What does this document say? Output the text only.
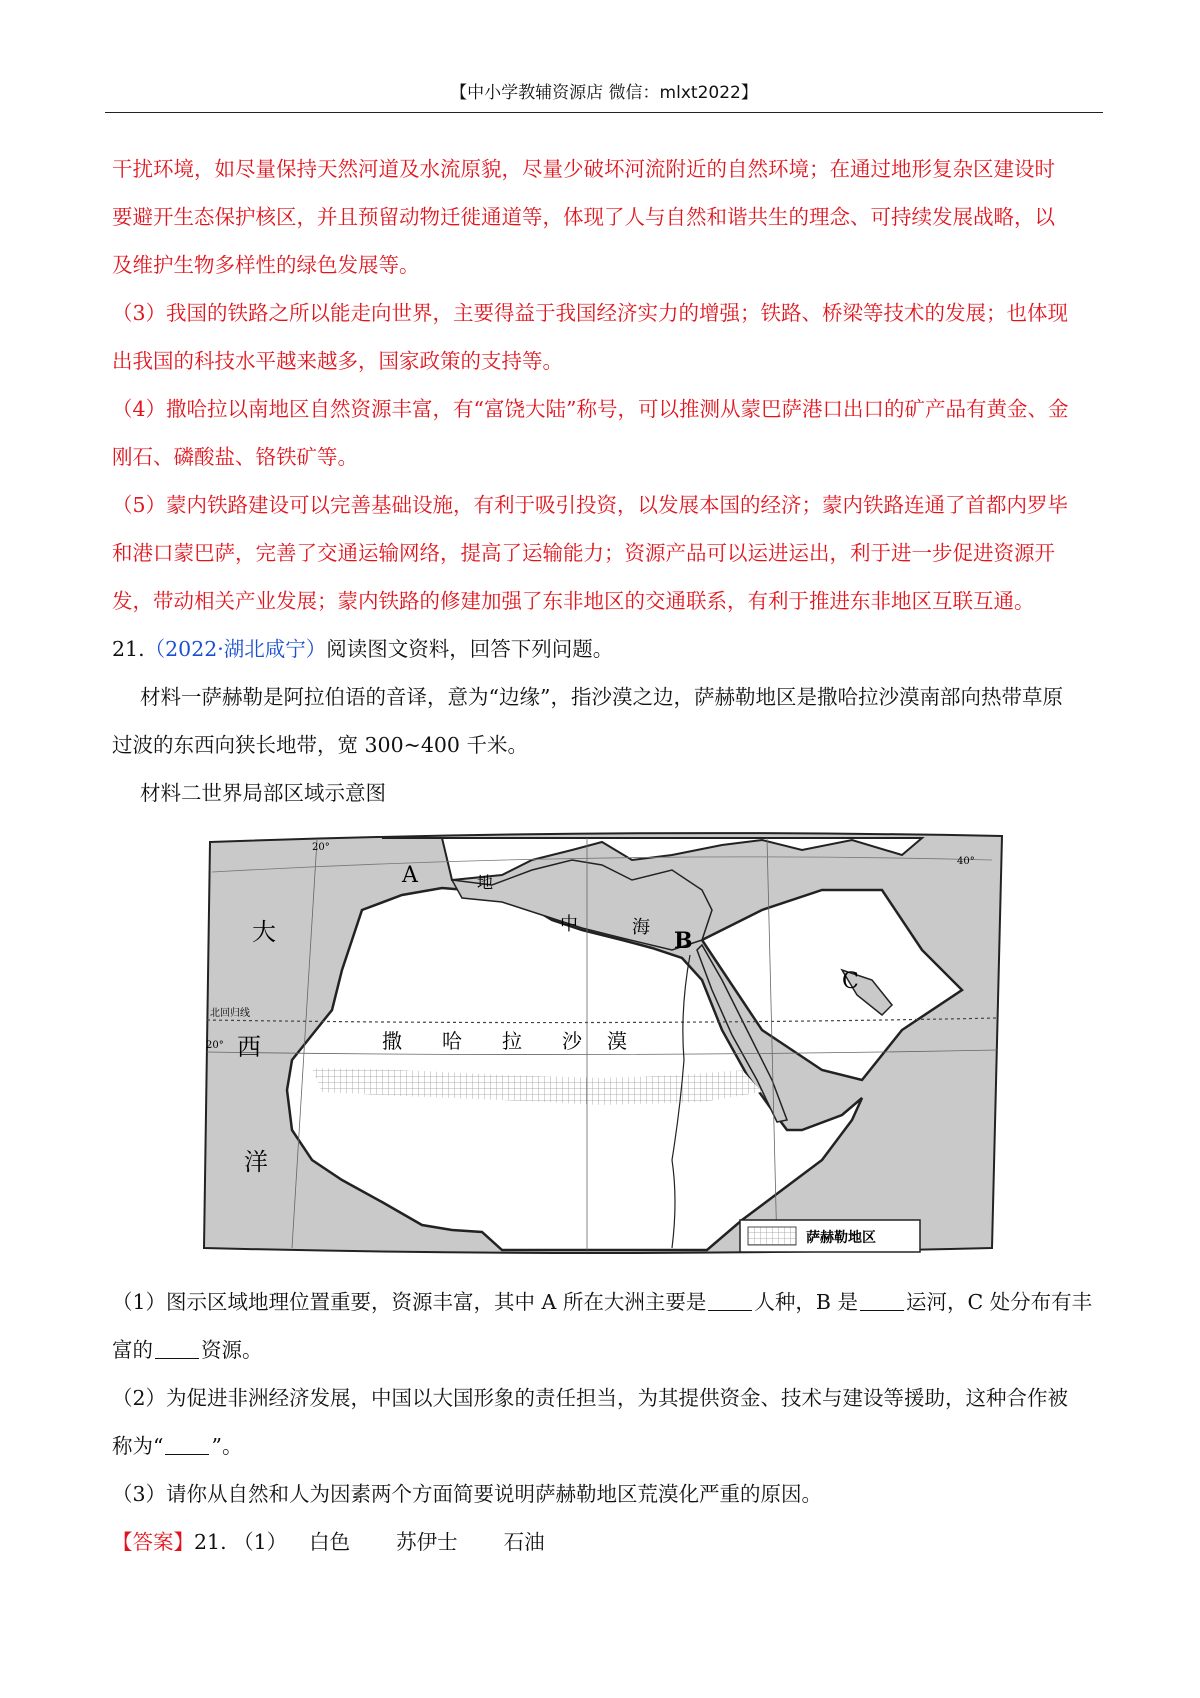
【中小学教辅资源店 微信：mlxt2022】
干扰环境，如尽量保持天然河道及水流原貌，尽量少破坏河流附近的自然环境；在通过地形复杂区建设时
要避开生态保护核区，并且预留动物迁徙通道等，体现了人与自然和谐共生的理念、可持续发展战略，以
及维护生物多样性的绿色发展等。
（3）我国的铁路之所以能走向世界，主要得益于我国经济实力的增强；铁路、桥梁等技术的发展；也体现
出我国的科技水平越来越多，国家政策的支持等。
（4）撒哈拉以南地区自然资源丰富，有“富饶大陆”称号，可以推测从蒙巴萨港口出口的矿产品有黄金、金
刚石、磷酸盐、铬铁矿等。
（5）蒙内铁路建设可以完善基础设施，有利于吸引投资，以发展本国的经济；蒙内铁路连通了首都内罗毕
和港口蒙巴萨，完善了交通运输网络，提高了运输能力；资源产品可以运进运出，利于进一步促进资源开
发，带动相关产业发展；蒙内铁路的修建加强了东非地区的交通联系，有利于推进东非地区互联互通。
21.（2022·湖北咸宁）阅读图文资料，回答下列问题。
材料一萨赫勒是阿拉伯语的音译，意为“边缘”，指沙漠之边，萨赫勒地区是撒哈拉沙漠南部向热带草原
过波的东西向狭长地带，宽 300~400 千米。
材料二世界局部区域示意图
A	地
中	海
B
C
大
西
洋
撒 哈 拉 沙 漠
北回归线
20°
20°
40°
萨赫勒地区
（1）图示区域地理位置重要，资源丰富，其中 A 所在大洲主要是 人种，B 是 运河，C 处分布有丰
富的 资源。
（2）为促进非洲经济发展，中国以大国形象的责任担当，为其提供资金、技术与建设等援助，这种合作被
称为“ ”。
（3）请你从自然和人为因素两个方面简要说明萨赫勒地区荒漠化严重的原因。
【答案】21. （1） 白色 苏伊士 石油
